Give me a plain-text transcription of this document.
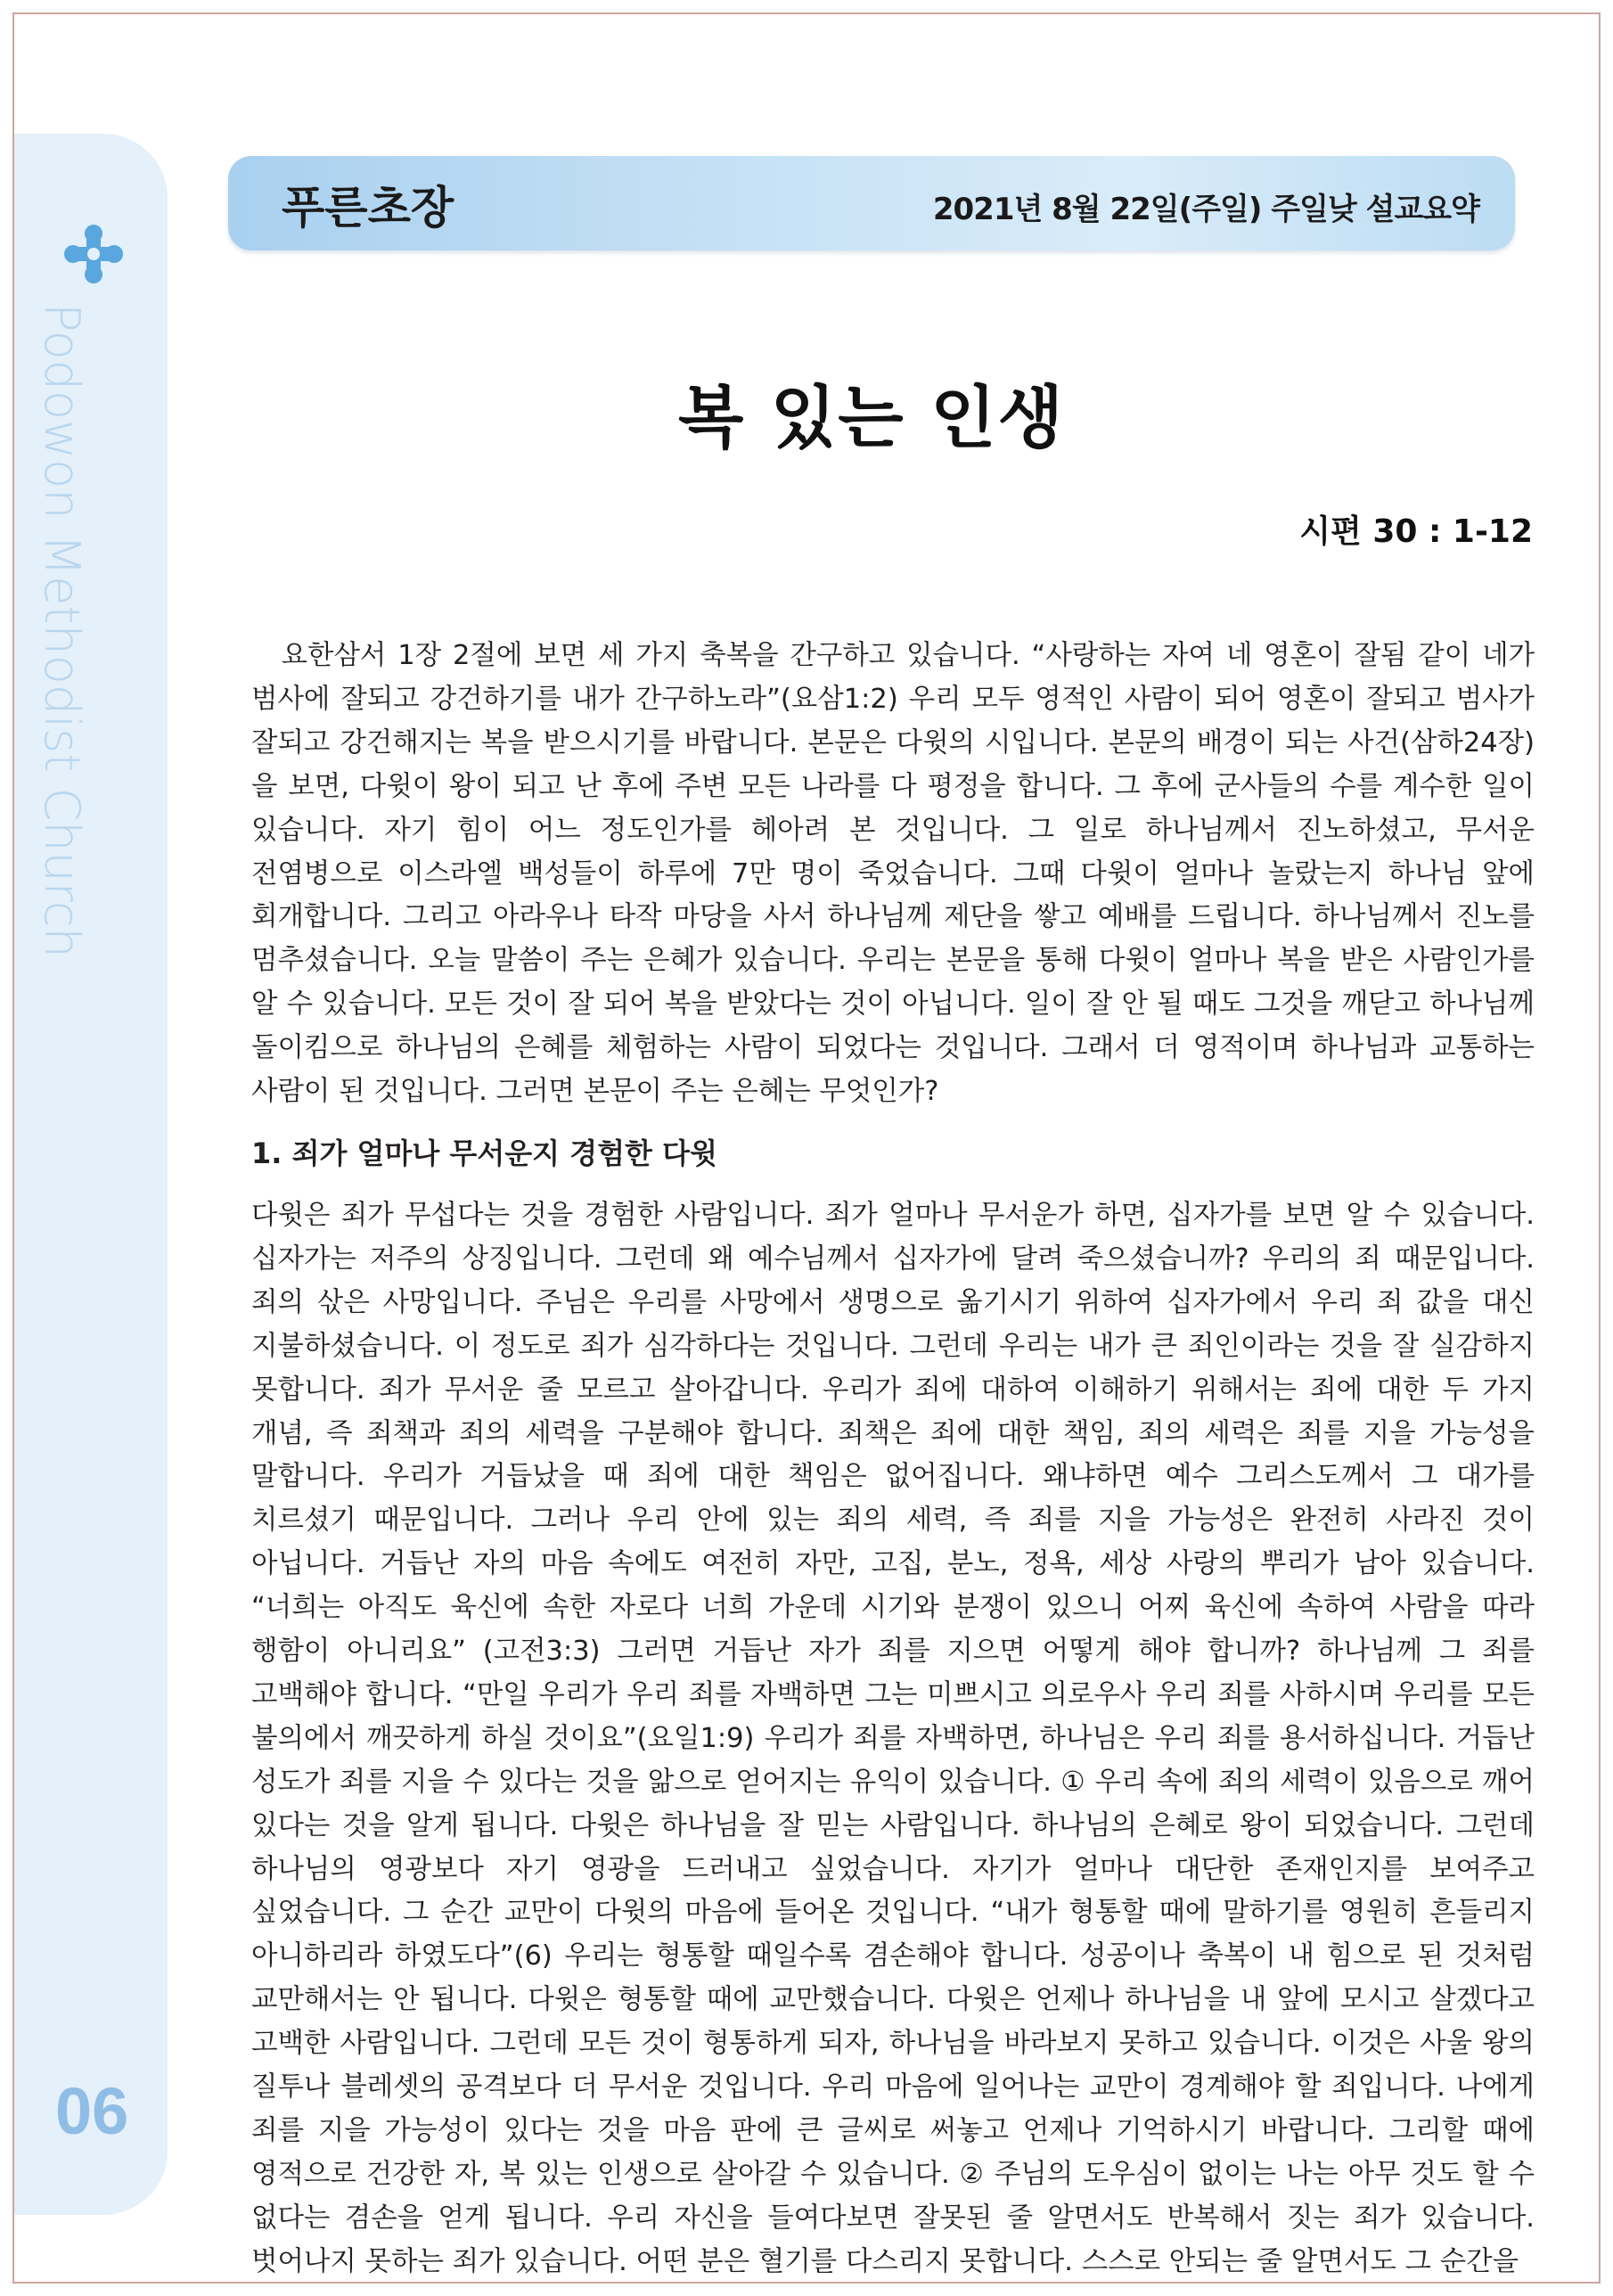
Podowon Methodist Church
06
푸른초장	2021년 8월 22일(주일) 주일낮 설교요약
복 있는 인생
시편 30 : 1-12

요한삼서 1장 2절에 보면 세 가지 축복을 간구하고 있습니다. “사랑하는 자여 네 영혼이 잘됨 같이 네가 범사에 잘되고 강건하기를 내가 간구하노라”(요삼1:2) 우리 모두 영적인 사람이 되어 영혼이 잘되고 범사가 잘되고 강건해지는 복을 받으시기를 바랍니다. 본문은 다윗의 시입니다. 본문의 배경이 되는 사건(삼하24장)을 보면, 다윗이 왕이 되고 난 후에 주변 모든 나라를 다 평정을 합니다. 그 후에 군사들의 수를 계수한 일이 있습니다. 자기 힘이 어느 정도인가를 헤아려 본 것입니다. 그 일로 하나님께서 진노하셨고, 무서운 전염병으로 이스라엘 백성들이 하루에 7만 명이 죽었습니다. 그때 다윗이 얼마나 놀랐는지 하나님 앞에 회개합니다. 그리고 아라우나 타작 마당을 사서 하나님께 제단을 쌓고 예배를 드립니다. 하나님께서 진노를 멈추셨습니다. 오늘 말씀이 주는 은혜가 있습니다. 우리는 본문을 통해 다윗이 얼마나 복을 받은 사람인가를 알 수 있습니다. 모든 것이 잘 되어 복을 받았다는 것이 아닙니다. 일이 잘 안 될 때도 그것을 깨닫고 하나님께 돌이킴으로 하나님의 은혜를 체험하는 사람이 되었다는 것입니다. 그래서 더 영적이며 하나님과 교통하는 사람이 된 것입니다. 그러면 본문이 주는 은혜는 무엇인가?

1. 죄가 얼마나 무서운지 경험한 다윗

다윗은 죄가 무섭다는 것을 경험한 사람입니다. 죄가 얼마나 무서운가 하면, 십자가를 보면 알 수 있습니다. 십자가는 저주의 상징입니다. 그런데 왜 예수님께서 십자가에 달려 죽으셨습니까? 우리의 죄 때문입니다. 죄의 삯은 사망입니다. 주님은 우리를 사망에서 생명으로 옮기시기 위하여 십자가에서 우리 죄 값을 대신 지불하셨습니다. 이 정도로 죄가 심각하다는 것입니다. 그런데 우리는 내가 큰 죄인이라는 것을 잘 실감하지 못합니다. 죄가 무서운 줄 모르고 살아갑니다. 우리가 죄에 대하여 이해하기 위해서는 죄에 대한 두 가지 개념, 즉 죄책과 죄의 세력을 구분해야 합니다. 죄책은 죄에 대한 책임, 죄의 세력은 죄를 지을 가능성을 말합니다. 우리가 거듭났을 때 죄에 대한 책임은 없어집니다. 왜냐하면 예수 그리스도께서 그 대가를 치르셨기 때문입니다. 그러나 우리 안에 있는 죄의 세력, 즉 죄를 지을 가능성은 완전히 사라진 것이 아닙니다. 거듭난 자의 마음 속에도 여전히 자만, 고집, 분노, 정욕, 세상 사랑의 뿌리가 남아 있습니다. “너희는 아직도 육신에 속한 자로다 너희 가운데 시기와 분쟁이 있으니 어찌 육신에 속하여 사람을 따라 행함이 아니리요” (고전3:3) 그러면 거듭난 자가 죄를 지으면 어떻게 해야 합니까? 하나님께 그 죄를 고백해야 합니다. “만일 우리가 우리 죄를 자백하면 그는 미쁘시고 의로우사 우리 죄를 사하시며 우리를 모든 불의에서 깨끗하게 하실 것이요”(요일1:9) 우리가 죄를 자백하면, 하나님은 우리 죄를 용서하십니다. 거듭난 성도가 죄를 지을 수 있다는 것을 앎으로 얻어지는 유익이 있습니다. ① 우리 속에 죄의 세력이 있음으로 깨어 있다는 것을 알게 됩니다. 다윗은 하나님을 잘 믿는 사람입니다. 하나님의 은혜로 왕이 되었습니다. 그런데 하나님의 영광보다 자기 영광을 드러내고 싶었습니다. 자기가 얼마나 대단한 존재인지를 보여주고 싶었습니다. 그 순간 교만이 다윗의 마음에 들어온 것입니다. “내가 형통할 때에 말하기를 영원히 흔들리지 아니하리라 하였도다”(6) 우리는 형통할 때일수록 겸손해야 합니다. 성공이나 축복이 내 힘으로 된 것처럼 교만해서는 안 됩니다. 다윗은 형통할 때에 교만했습니다. 다윗은 언제나 하나님을 내 앞에 모시고 살겠다고 고백한 사람입니다. 그런데 모든 것이 형통하게 되자, 하나님을 바라보지 못하고 있습니다. 이것은 사울 왕의 질투나 블레셋의 공격보다 더 무서운 것입니다. 우리 마음에 일어나는 교만이 경계해야 할 죄입니다. 나에게 죄를 지을 가능성이 있다는 것을 마음 판에 큰 글씨로 써놓고 언제나 기억하시기 바랍니다. 그리할 때에 영적으로 건강한 자, 복 있는 인생으로 살아갈 수 있습니다. ② 주님의 도우심이 없이는 나는 아무 것도 할 수 없다는 겸손을 얻게 됩니다. 우리 자신을 들여다보면 잘못된 줄 알면서도 반복해서 짓는 죄가 있습니다. 벗어나지 못하는 죄가 있습니다. 어떤 분은 혈기를 다스리지 못합니다. 스스로 안되는 줄 알면서도 그 순간을
